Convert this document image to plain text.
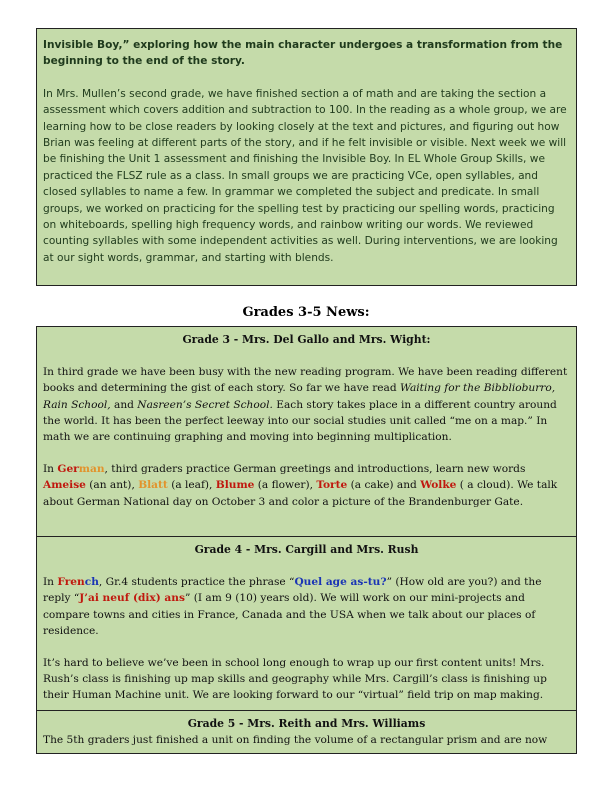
Invisible Boy,” exploring how the main character undergoes a transformation from the beginning to the end of the story.

In Mrs. Mullen’s second grade, we have finished section a of math and are taking the section a assessment which covers addition and subtraction to 100. In the reading as a whole group, we are learning how to be close readers by looking closely at the text and pictures, and figuring out how Brian was feeling at different parts of the story, and if he felt invisible or visible. Next week we will be finishing the Unit 1 assessment and finishing the Invisible Boy. In EL Whole Group Skills, we practiced the FLSZ rule as a class. In small groups we are practicing VCe, open syllables, and closed syllables to name a few. In grammar we completed the subject and predicate. In small groups, we worked on practicing for the spelling test by practicing our spelling words, practicing on whiteboards, spelling high frequency words, and rainbow writing our words. We reviewed counting syllables with some independent activities as well. During interventions, we are looking at our sight words, grammar, and starting with blends.

Grades 3-5 News:
Grade 3 - Mrs. Del Gallo and Mrs. Wight:

In third grade we have been busy with the new reading program. We have been reading different books and determining the gist of each story. So far we have read Waiting for the Bibblioburro, Rain School, and Nasreen’s Secret School. Each story takes place in a different country around the world. It has been the perfect leeway into our social studies unit called “me on a map.” In math we are continuing graphing and moving into beginning multiplication.

In German, third graders practice German greetings and introductions, learn new words Ameise (an ant), Blatt (a leaf), Blume (a flower), Torte (a cake) and Wolke ( a cloud). We talk about German National day on October 3 and color a picture of the Brandenburger Gate.

Grade 4 - Mrs. Cargill and Mrs. Rush

In French, Gr.4 students practice the phrase “Quel age as-tu?” (How old are you?) and the reply “J’ai neuf (dix) ans” (I am 9 (10) years old). We will work on our mini-projects and compare towns and cities in France, Canada and the USA when we talk about our places of residence.

It’s hard to believe we’ve been in school long enough to wrap up our first content units! Mrs. Rush’s class is finishing up map skills and geography while Mrs. Cargill’s class is finishing up their Human Machine unit. We are looking forward to our “virtual” field trip on map making.

Grade 5 - Mrs. Reith and Mrs. Williams

The 5th graders just finished a unit on finding the volume of a rectangular prism and are now
